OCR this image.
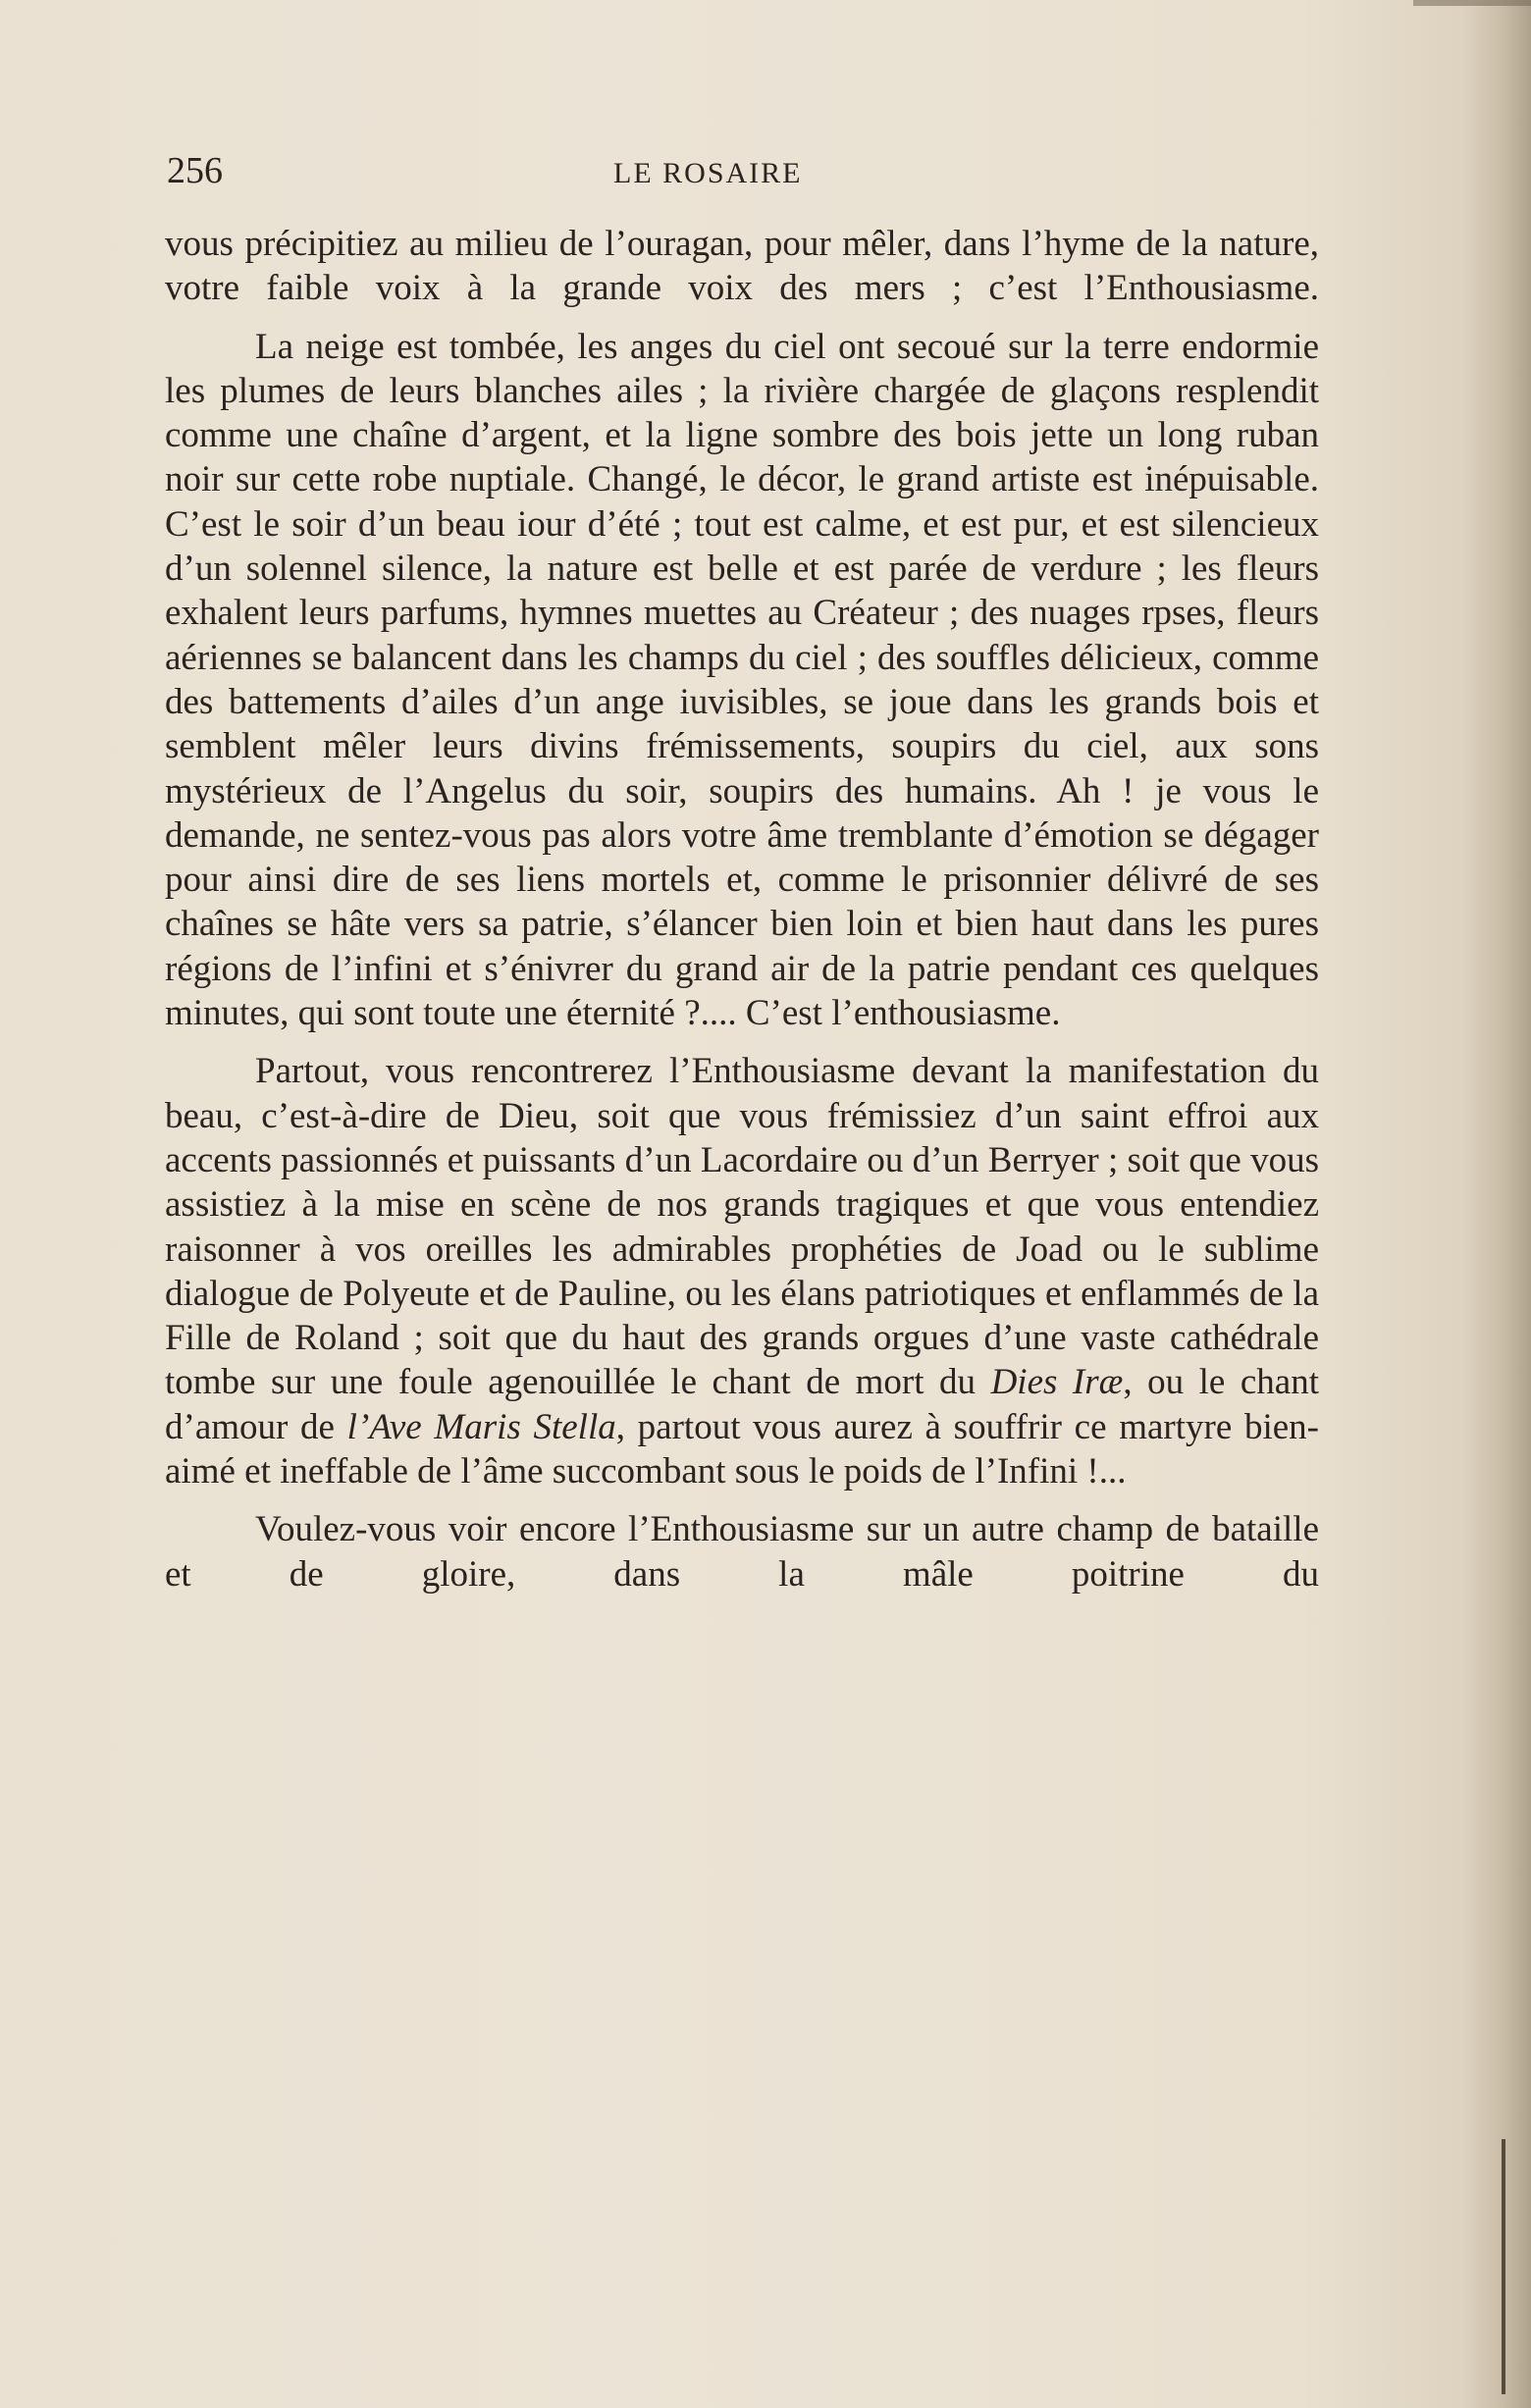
256	LE ROSAIRE

vous précipitiez au milieu de l’ouragan, pour mêler, dans l’hyme de la nature, votre faible voix à la grande voix des mers ; c’est l’Enthousiasme.

La neige est tombée, les anges du ciel ont secoué sur la terre endormie les plumes de leurs blanches ailes ; la rivière chargée de glaçons resplendit comme une chaîne d’argent, et la ligne sombre des bois jette un long ruban noir sur cette robe nuptiale. Changé, le décor, le grand artiste est inépuisable. C’est le soir d’un beau iour d’été ; tout est calme, et est pur, et est silencieux d’un solennel silence, la nature est belle et est parée de verdure ; les fleurs exhalent leurs parfums, hymnes muettes au Créateur ; des nuages rpses, fleurs aériennes se balancent dans les champs du ciel ; des souffles délicieux, comme des battements d’ailes d’un ange iuvisibles, se joue dans les grands bois et semblent mêler leurs divins frémissements, soupirs du ciel, aux sons mystérieux de l’Angelus du soir, soupirs des humains. Ah ! je vous le demande, ne sentez-vous pas alors votre âme tremblante d’émotion se dégager pour ainsi dire de ses liens mortels et, comme le prisonnier délivré de ses chaînes se hâte vers sa patrie, s’élancer bien loin et bien haut dans les pures régions de l’infini et s’énivrer du grand air de la patrie pendant ces quelques minutes, qui sont toute une éternité ?.... C’est l’enthousiasme.

Partout, vous rencontrerez l’Enthousiasme devant la manifestation du beau, c’est-à-dire de Dieu, soit que vous frémissiez d’un saint effroi aux accents passionnés et puissants d’un Lacordaire ou d’un Berryer ; soit que vous assistiez à la mise en scène de nos grands tragiques et que vous entendiez raisonner à vos oreilles les admirables prophéties de Joad ou le sublime dialogue de Polyeute et de Pauline, ou les élans patriotiques et enflammés de la Fille de Roland ; soit que du haut des grands orgues d’une vaste cathédrale tombe sur une foule agenouillée le chant de mort du Dies Iræ, ou le chant d’amour de l’Ave Maris Stella, partout vous aurez à souffrir ce martyre bien-aimé et ineffable de l’âme succombant sous le poids de l’Infini !...

Voulez-vous voir encore l’Enthousiasme sur un autre champ de bataille et de gloire, dans la mâle poitrine du
